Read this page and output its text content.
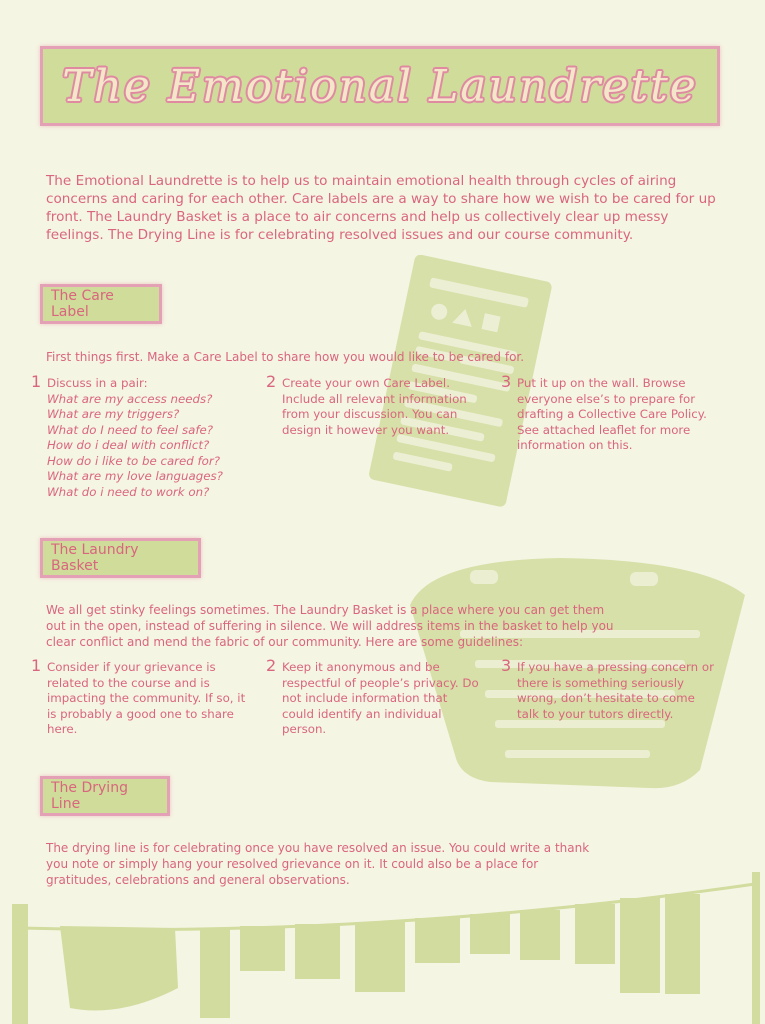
The Emotional Laundrette

The Emotional Laundrette is to help us to maintain emotional health through cycles of airing concerns and caring for each other. Care labels are a way to share how we wish to be cared for up front. The Laundry Basket is a place to air concerns and help us collectively clear up messy feelings. The Drying Line is for celebrating resolved issues and our course community.

The Care Label

First things first. Make a Care Label to share how you would like to be cared for.

1 Discuss in a pair:
What are my access needs?
What are my triggers?
What do I need to feel safe?
How do i deal with conflict?
How do i like to be cared for?
What are my love languages?
What do i need to work on?
2 Create your own Care Label. Include all relevant information from your discussion. You can design it however you want.
3 Put it up on the wall. Browse everyone else’s to prepare for drafting a Collective Care Policy. See attached leaflet for more information on this.
The Laundry Basket

We all get stinky feelings sometimes. The Laundry Basket is a place where you can get them out in the open, instead of suffering in silence. We will address items in the basket to help you clear conflict and mend the fabric of our community. Here are some guidelines:

1 Consider if your grievance is related to the course and is impacting the community. If so, it is probably a good one to share here.
2 Keep it anonymous and be respectful of people’s privacy. Do not include information that could identify an individual person.
3 If you have a pressing concern or there is something seriously wrong, don’t hesitate to come talk to your tutors directly.
The Drying Line

The drying line is for celebrating once you have resolved an issue. You could write a thank you note or simply hang your resolved grievance on it. It could also be a place for gratitudes, celebrations and general observations.
